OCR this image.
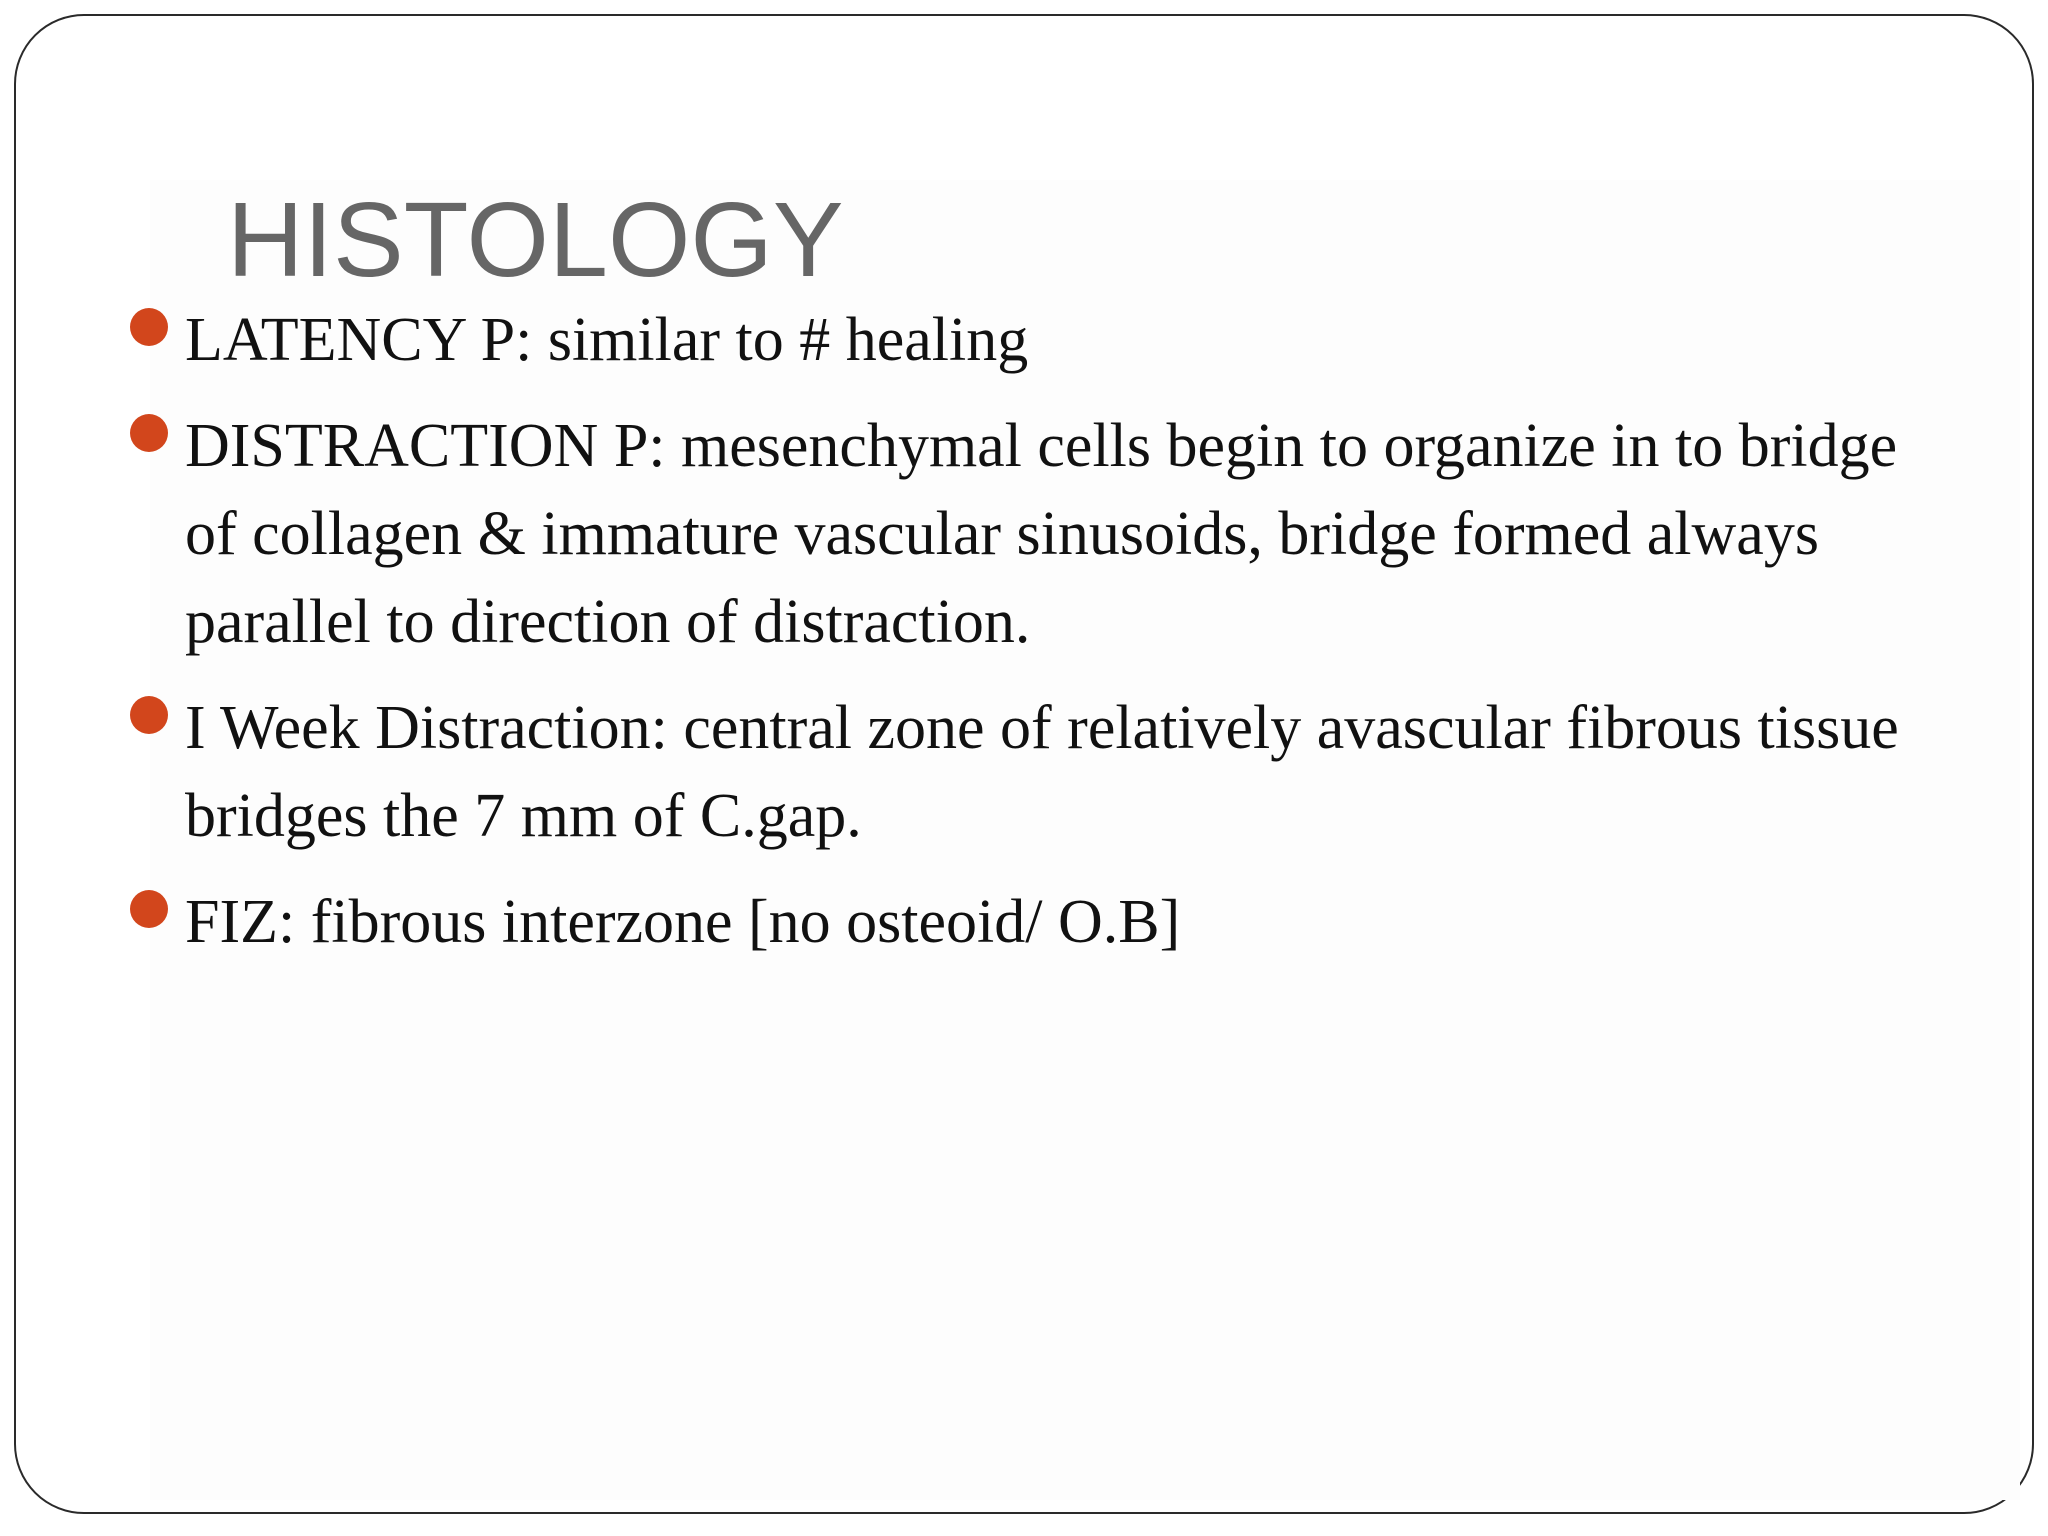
HISTOLOGY
LATENCY P: similar to # healing
DISTRACTION P: mesenchymal cells begin to organize in to bridge of collagen & immature vascular sinusoids, bridge formed always parallel to direction of distraction.
I Week Distraction: central zone of relatively avascular fibrous tissue bridges the 7 mm of C.gap.
FIZ: fibrous interzone [no osteoid/ O.B]
